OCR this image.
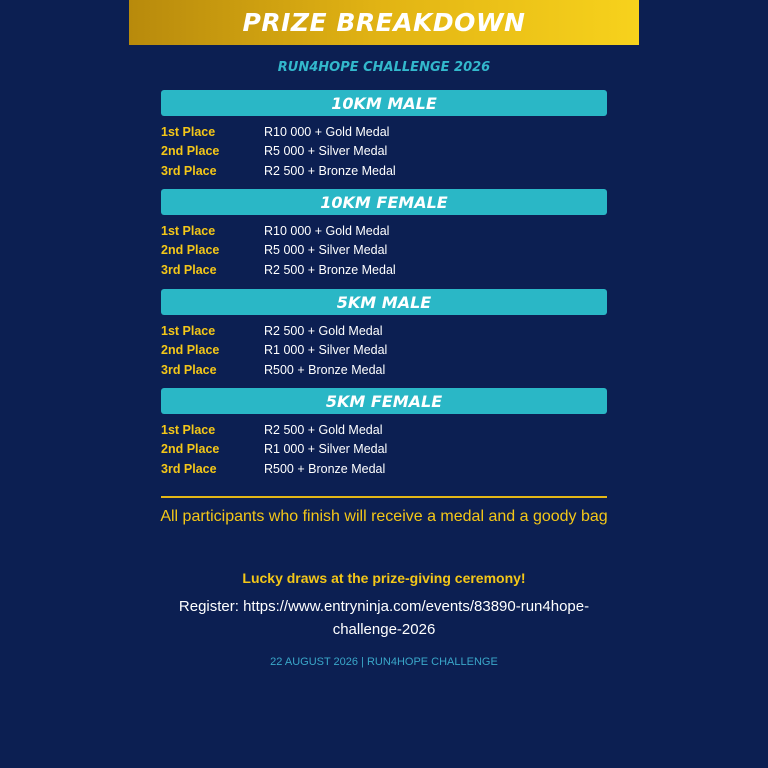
PRIZE BREAKDOWN
RUN4HOPE CHALLENGE 2026
10KM MALE
1st Place	R10 000 + Gold Medal
2nd Place	R5 000 + Silver Medal
3rd Place	R2 500 + Bronze Medal
10KM FEMALE
1st Place	R10 000 + Gold Medal
2nd Place	R5 000 + Silver Medal
3rd Place	R2 500 + Bronze Medal
5KM MALE
1st Place	R2 500 + Gold Medal
2nd Place	R1 000 + Silver Medal
3rd Place	R500 + Bronze Medal
5KM FEMALE
1st Place	R2 500 + Gold Medal
2nd Place	R1 000 + Silver Medal
3rd Place	R500 + Bronze Medal
All participants who finish will receive a medal and a goody bag
Lucky draws at the prize-giving ceremony!
Register: https://www.entryninja.com/events/83890-run4hope-challenge-2026
22 AUGUST 2026 | RUN4HOPE CHALLENGE
